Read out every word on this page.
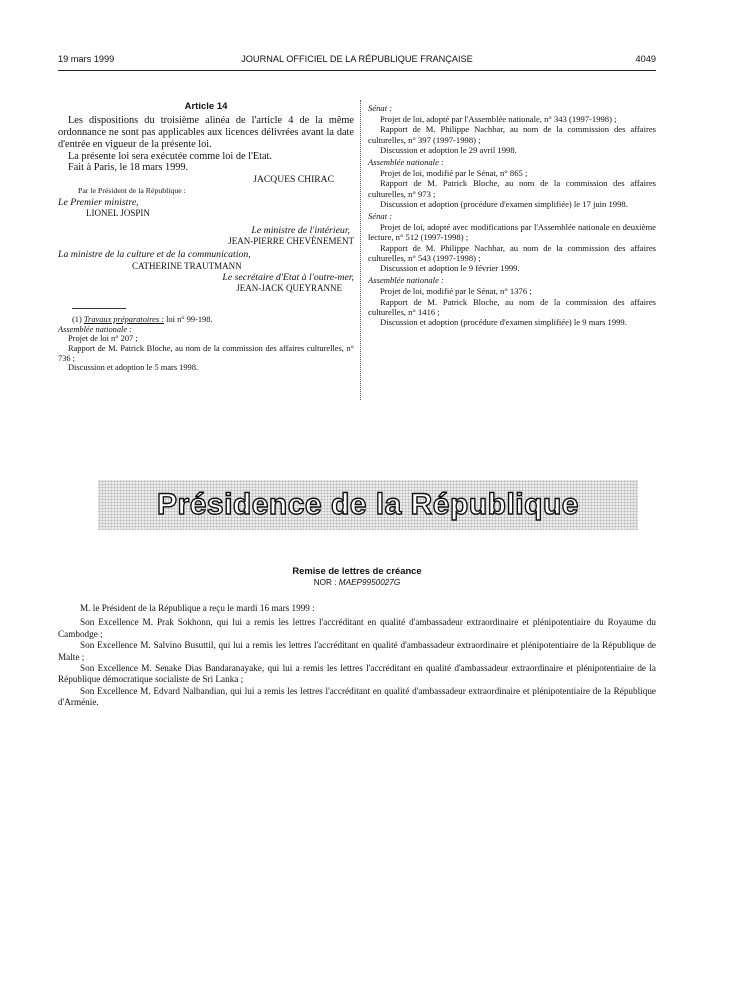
19 mars 1999	JOURNAL OFFICIEL DE LA RÉPUBLIQUE FRANÇAISE	4049

Article 14

Les dispositions du troisième alinéa de l'article 4 de la même ordonnance ne sont pas applicables aux licences délivrées avant la date d'entrée en vigueur de la présente loi.

La présente loi sera exécutée comme loi de l'Etat.

Fait à Paris, le 18 mars 1999.

JACQUES CHIRAC

Par le Président de la République :

Le Premier ministre,

LIONEL JOSPIN

Le ministre de l'intérieur,

JEAN-PIERRE CHEVÈNEMENT

La ministre de la culture et de la communication,

CATHERINE TRAUTMANN

Le secrétaire d'Etat à l'outre-mer,

JEAN-JACK QUEYRANNE

(1) Travaux préparatoires : loi n° 99-198.

Assemblée nationale :

Projet de loi n° 207 ;

Rapport de M. Patrick Bloche, au nom de la commission des affaires culturelles, n° 736 ;

Discussion et adoption le 5 mars 1998.

Sénat :

Projet de loi, adopté par l'Assemblée nationale, n° 343 (1997-1998) ;

Rapport de M. Philippe Nachbar, au nom de la commission des affaires culturelles, n° 397 (1997-1998) ;

Discussion et adoption le 29 avril 1998.

Assemblée nationale :

Projet de loi, modifié par le Sénat, n° 865 ;

Rapport de M. Patrick Bloche, au nom de la commission des affaires culturelles, n° 973 ;

Discussion et adoption (procédure d'examen simplifiée) le 17 juin 1998.

Sénat :

Projet de loi, adopté avec modifications par l'Assemblée nationale en deuxième lecture, n° 512 (1997-1998) ;

Rapport de M. Philippe Nachbar, au nom de la commission des affaires culturelles, n° 543 (1997-1998) ;

Discussion et adoption le 9 février 1999.

Assemblée nationale :

Projet de loi, modifié par le Sénat, n° 1376 ;

Rapport de M. Patrick Bloche, au nom de la commission des affaires culturelles, n° 1416 ;

Discussion et adoption (procédure d'examen simplifiée) le 9 mars 1999.

Présidence de la République
Remise de lettres de créance
NOR : MAEP9950027G

M. le Président de la République a reçu le mardi 16 mars 1999 :

Son Excellence M. Prak Sokhonn, qui lui a remis les lettres l'accréditant en qualité d'ambassadeur extraordinaire et plénipotentiaire du Royaume du Cambodge ;

Son Excellence M. Salvino Busuttil, qui lui a remis les lettres l'accréditant en qualité d'ambassadeur extraordinaire et plénipotentiaire de la République de Malte ;

Son Excellence M. Senake Dias Bandaranayake, qui lui a remis les lettres l'accréditant en qualité d'ambassadeur extraordinaire et plénipotentiaire de la République démocratique socialiste de Sri Lanka ;

Son Excellence M. Edvard Nalbandian, qui lui a remis les lettres l'accréditant en qualité d'ambassadeur extraordinaire et plénipotentiaire de la République d'Arménie.
